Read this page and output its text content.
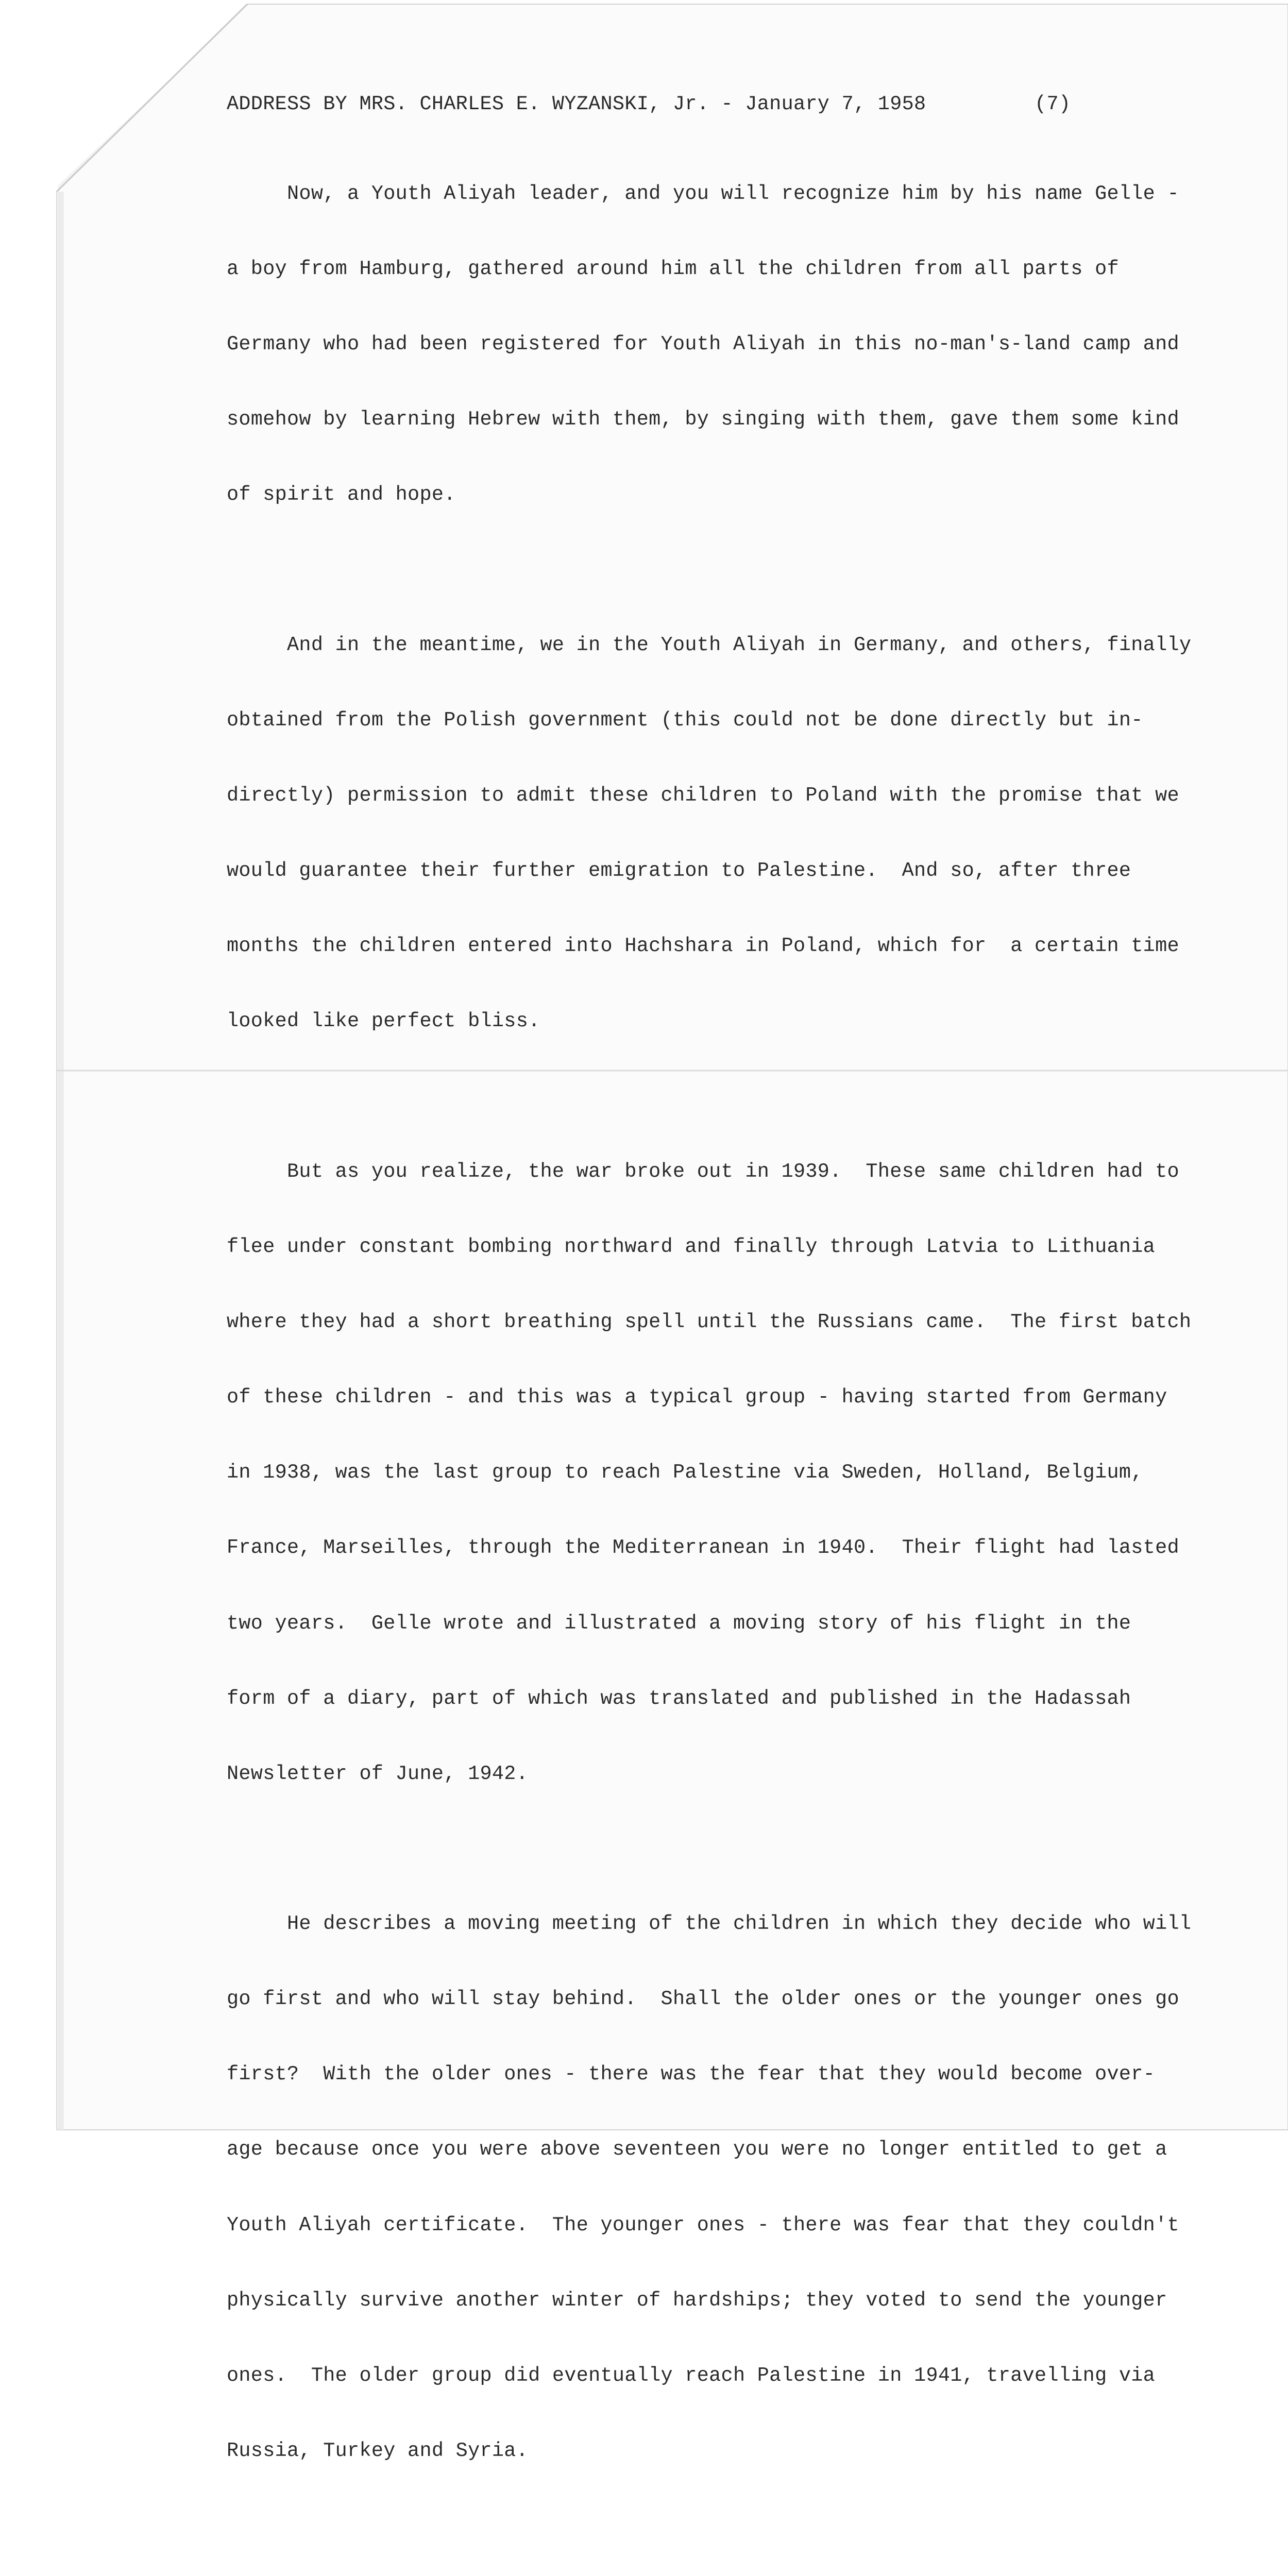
ADDRESS BY MRS. CHARLES E. WYZANSKI, Jr. - January 7, 1958	(7)

Now, a Youth Aliyah leader, and you will recognize him by his name Gelle -

a boy from Hamburg, gathered around him all the children from all parts of

Germany who had been registered for Youth Aliyah in this no-man's-land camp and

somehow by learning Hebrew with them, by singing with them, gave them some kind

of spirit and hope.

And in the meantime, we in the Youth Aliyah in Germany, and others, finally

obtained from the Polish government (this could not be done directly but in-

directly) permission to admit these children to Poland with the promise that we

would guarantee their further emigration to Palestine.  And so, after three

months the children entered into Hachshara in Poland, which for  a certain time

looked like perfect bliss.

But as you realize, the war broke out in 1939.  These same children had to

flee under constant bombing northward and finally through Latvia to Lithuania

where they had a short breathing spell until the Russians came.  The first batch

of these children - and this was a typical group - having started from Germany

in 1938, was the last group to reach Palestine via Sweden, Holland, Belgium,

France, Marseilles, through the Mediterranean in 1940.  Their flight had lasted

two years.  Gelle wrote and illustrated a moving story of his flight in the

form of a diary, part of which was translated and published in the Hadassah

Newsletter of June, 1942.

He describes a moving meeting of the children in which they decide who will

go first and who will stay behind.  Shall the older ones or the younger ones go

first?  With the older ones - there was the fear that they would become over-

age because once you were above seventeen you were no longer entitled to get a

Youth Aliyah certificate.  The younger ones - there was fear that they couldn't

physically survive another winter of hardships; they voted to send the younger

ones.  The older group did eventually reach Palestine in 1941, travelling via

Russia, Turkey and Syria.
